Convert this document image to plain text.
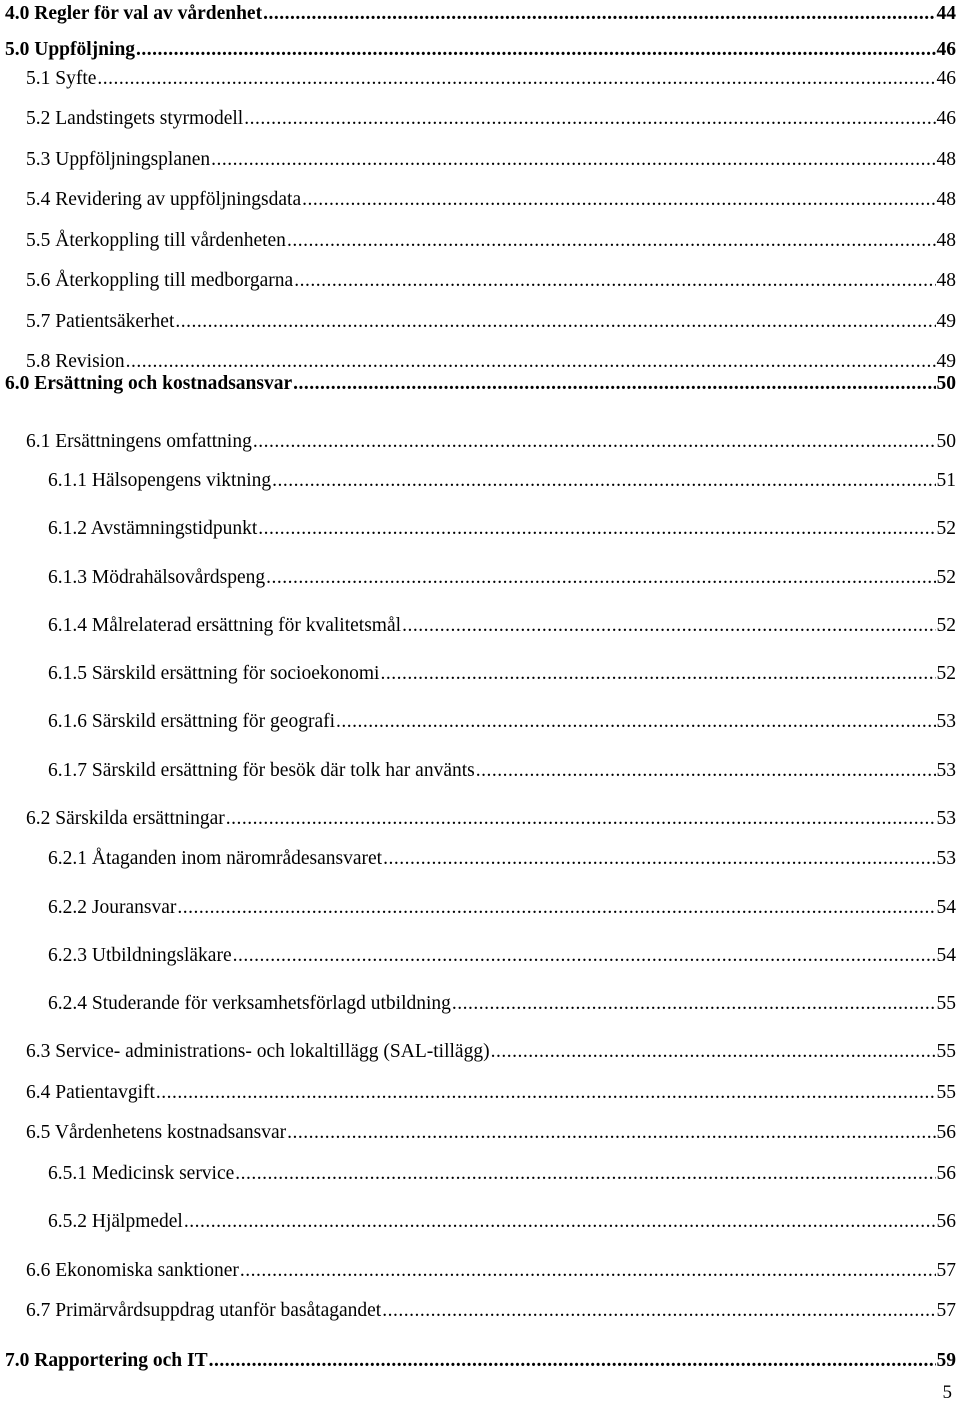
4.0 Regler för val av vårdenhet .....	44
5.0 Uppföljning .....	46
5.1 Syfte .....	46
5.2 Landstingets styrmodell .....	46
5.3 Uppföljningsplanen .....	48
5.4 Revidering av uppföljningsdata .....	48
5.5 Återkoppling till vårdenheten .....	48
5.6 Återkoppling till medborgarna .....	48
5.7 Patientsäkerhet .....	49
5.8 Revision .....	49
6.0 Ersättning och kostnadsansvar .....	50
6.1 Ersättningens omfattning .....	50
6.1.1 Hälsopengens viktning .....	51
6.1.2 Avstämningstidpunkt .....	52
6.1.3 Mödrahälsovårdspeng .....	52
6.1.4 Målrelaterad ersättning för kvalitetsmål .....	52
6.1.5 Särskild ersättning för socioekonomi .....	52
6.1.6 Särskild ersättning för geografi .....	53
6.1.7 Särskild ersättning för besök där tolk har använts .....	53
6.2 Särskilda ersättningar .....	53
6.2.1 Åtaganden inom närområdesansvaret .....	53
6.2.2 Jouransvar .....	54
6.2.3 Utbildningsläkare .....	54
6.2.4 Studerande för verksamhetsförlagd utbildning .....	55
6.3 Service- administrations- och lokaltillägg (SAL-tillägg) .....	55
6.4 Patientavgift .....	55
6.5 Vårdenhetens kostnadsansvar .....	56
6.5.1 Medicinsk service .....	56
6.5.2 Hjälpmedel .....	56
6.6 Ekonomiska sanktioner .....	57
6.7 Primärvårdsuppdrag utanför basåtagandet .....	57
7.0 Rapportering och IT .....	59
5
